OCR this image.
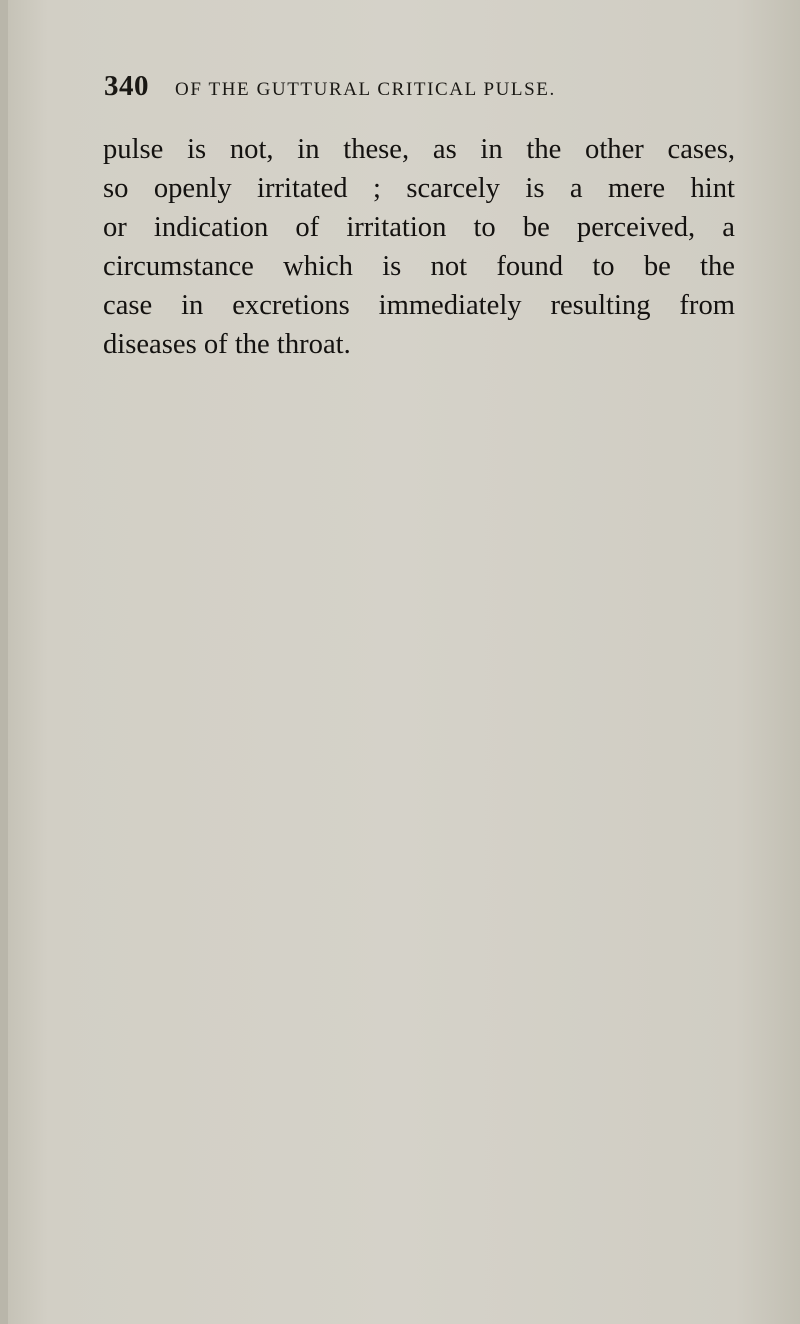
340 OF THE GUTTURAL CRITICAL PULSE.
pulse is not, in these, as in the other cases,
so openly irritated ; scarcely is a mere hint
or indication of irritation to be perceived, a
circumstance which is not found to be the
case in excretions immediately resulting from
diseases of the throat.
